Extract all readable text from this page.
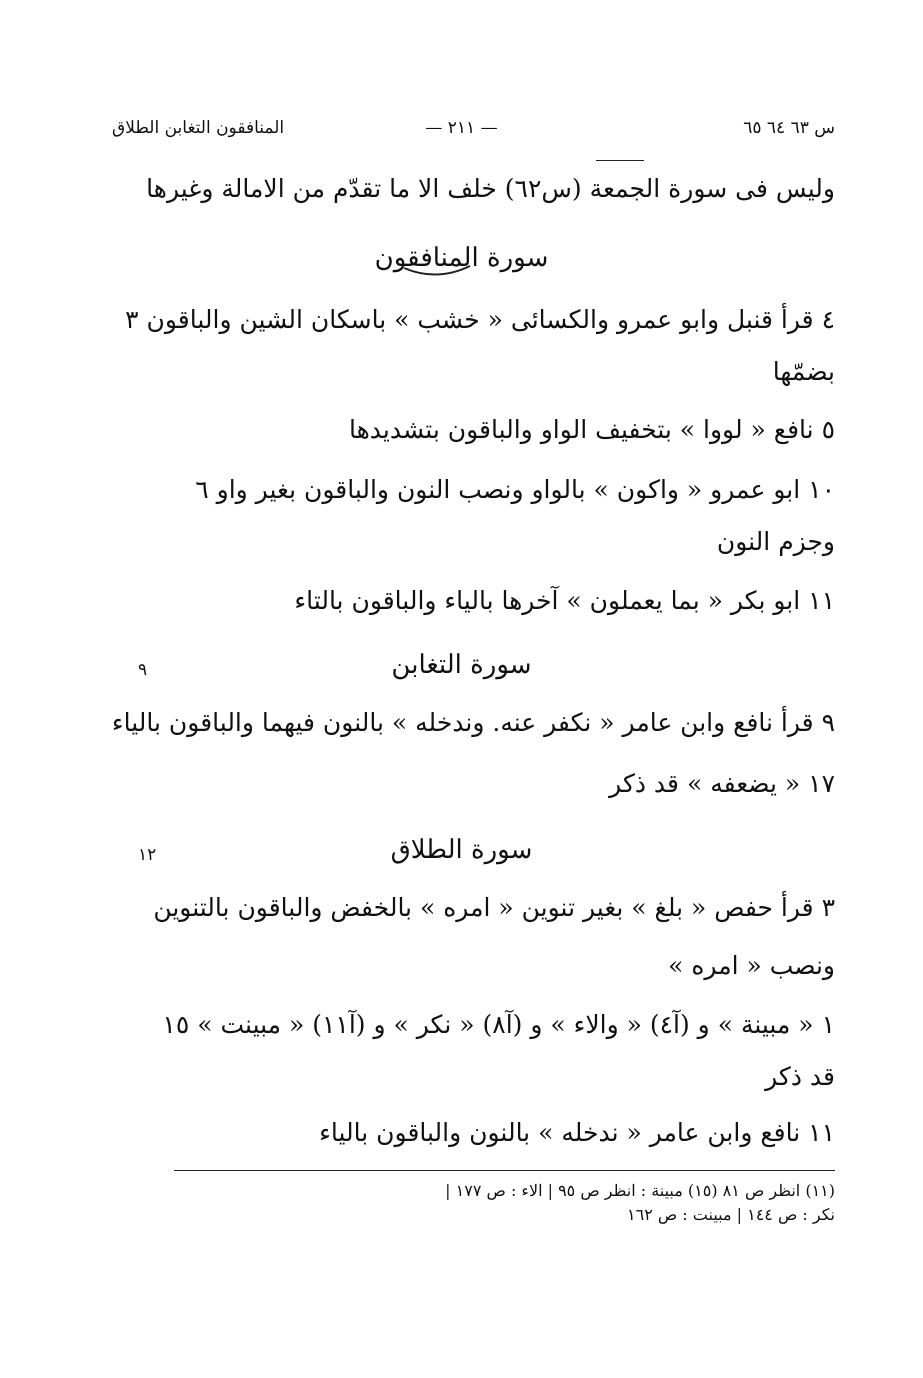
س ٦٣ ٦٤ ٦٥
— ٢١١ —
المنافقون التغابن الطلاق
وليس فى سورة الجمعة (س٦٢) خلف الا ما تقدّم من الامالة وغيرها
سورة المنافقون
٤ قرأ قنبل وابو عمرو والكسائى « خشب » باسكان الشين والباقون ٣
بضمّها
٥ نافع « لووا » بتخفيف الواو والباقون بتشديدها
١٠ ابو عمرو « واكون » بالواو ونصب النون والباقون بغير واو ٦
وجزم النون
١١ ابو بكر « بما يعملون » آخرها بالياء والباقون بالتاء
سورة التغابن
٩
٩ قرأ نافع وابن عامر « نكفر عنه. وندخله » بالنون فيهما والباقون بالياء
١٧ « يضعفه » قد ذكر
سورة الطلاق
١٢
٣ قرأ حفص « بلغ » بغير تنوين « امره » بالخفض والباقون بالتنوين
ونصب « امره »
١ « مبينة » و (آ٤) « والاء » و (آ٨) « نكر » و (آ١١) « مبينت » ١٥
قد ذكر
١١ نافع وابن عامر « ندخله » بالنون والباقون بالياء
(١١) انظر ص ٨١ (١٥) مبينة : انظر ص ٩٥ | الاء : ص ١٧٧ |
نكر : ص ١٤٤ | مبينت : ص ١٦٢
